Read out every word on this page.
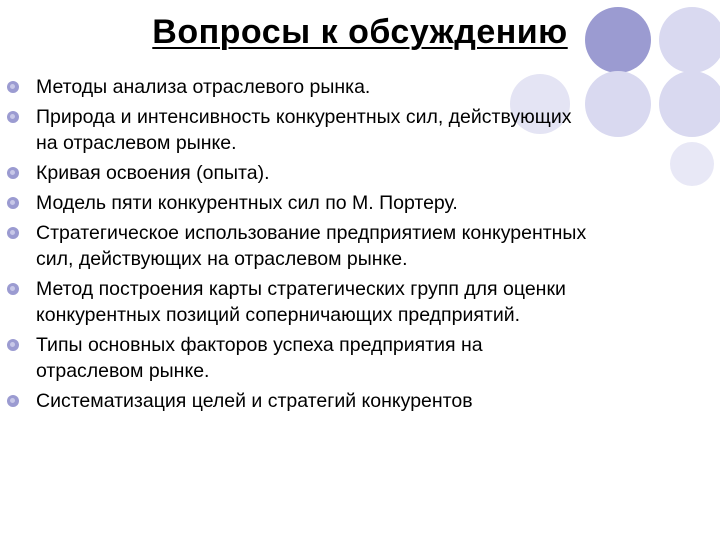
Вопросы к обсуждению
Методы анализа отраслевого рынка.
Природа и интенсивность конкурентных сил, действующих
на отраслевом рынке.
Кривая освоения (опыта).
Модель пяти конкурентных сил по М. Портеру.
Стратегическое использование предприятием конкурентных
сил, действующих на отраслевом рынке.
Метод построения карты стратегических групп для оценки
конкурентных позиций соперничающих предприятий.
Типы основных факторов успеха предприятия на
отраслевом рынке.
Систематизация целей и стратегий конкурентов
